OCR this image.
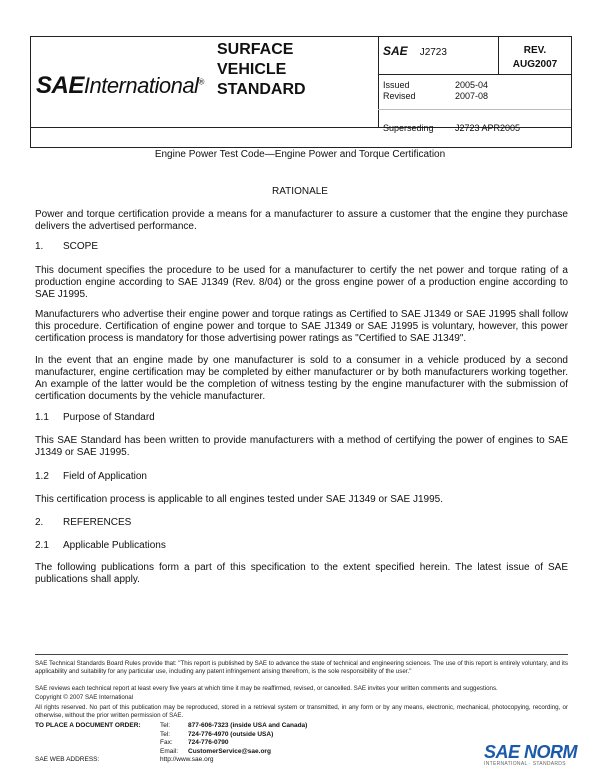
SAEInternational®
SURFACE
VEHICLE
STANDARD
SAE J2723	REV.
AUG2007
Issued	2005-04
Revised	2007-08
Superseding J2723 APR2005
Engine Power Test Code—Engine Power and Torque Certification
RATIONALE

Power and torque certification provide a means for a manufacturer to assure a customer that the engine they purchase delivers the advertised performance.

1. SCOPE

This document specifies the procedure to be used for a manufacturer to certify the net power and torque rating of a production engine according to SAE J1349 (Rev. 8/04) or the gross engine power of a production engine according to SAE J1995.

Manufacturers who advertise their engine power and torque ratings as Certified to SAE J1349 or SAE J1995 shall follow this procedure. Certification of engine power and torque to SAE J1349 or SAE J1995 is voluntary, however, this power certification process is mandatory for those advertising power ratings as "Certified to SAE J1349".

In the event that an engine made by one manufacturer is sold to a consumer in a vehicle produced by a second manufacturer, engine certification may be completed by either manufacturer or by both manufacturers working together. An example of the latter would be the completion of witness testing by the engine manufacturer with the submission of certification documents by the vehicle manufacturer.

1.1 Purpose of Standard

This SAE Standard has been written to provide manufacturers with a method of certifying the power of engines to SAE J1349 or SAE J1995.

1.2 Field of Application

This certification process is applicable to all engines tested under SAE J1349 or SAE J1995.

2. REFERENCES
2.1 Applicable Publications

The following publications form a part of this specification to the extent specified herein. The latest issue of SAE publications shall apply.

SAE Technical Standards Board Rules provide that: "This report is published by SAE to advance the state of technical and engineering sciences. The use of this report is entirely voluntary, and its applicability and suitability for any particular use, including any patent infringement arising therefrom, is the sole responsibility of the user."
SAE reviews each technical report at least every five years at which time it may be reaffirmed, revised, or cancelled. SAE invites your written comments and suggestions.
Copyright © 2007 SAE International
All rights reserved. No part of this publication may be reproduced, stored in a retrieval system or transmitted, in any form or by any means, electronic, mechanical, photocopying, recording, or otherwise, without the prior written permission of SAE.
TO PLACE A DOCUMENT ORDER:	Tel:	877-606-7323 (inside USA and Canada)
Tel:	724-776-4970 (outside USA)
Fax: 724-776-0790
Email: CustomerService@sae.org
SAE WEB ADDRESS:	http://www.sae.org	SAE NORM
INTERNATIONAL · STANDARDS
